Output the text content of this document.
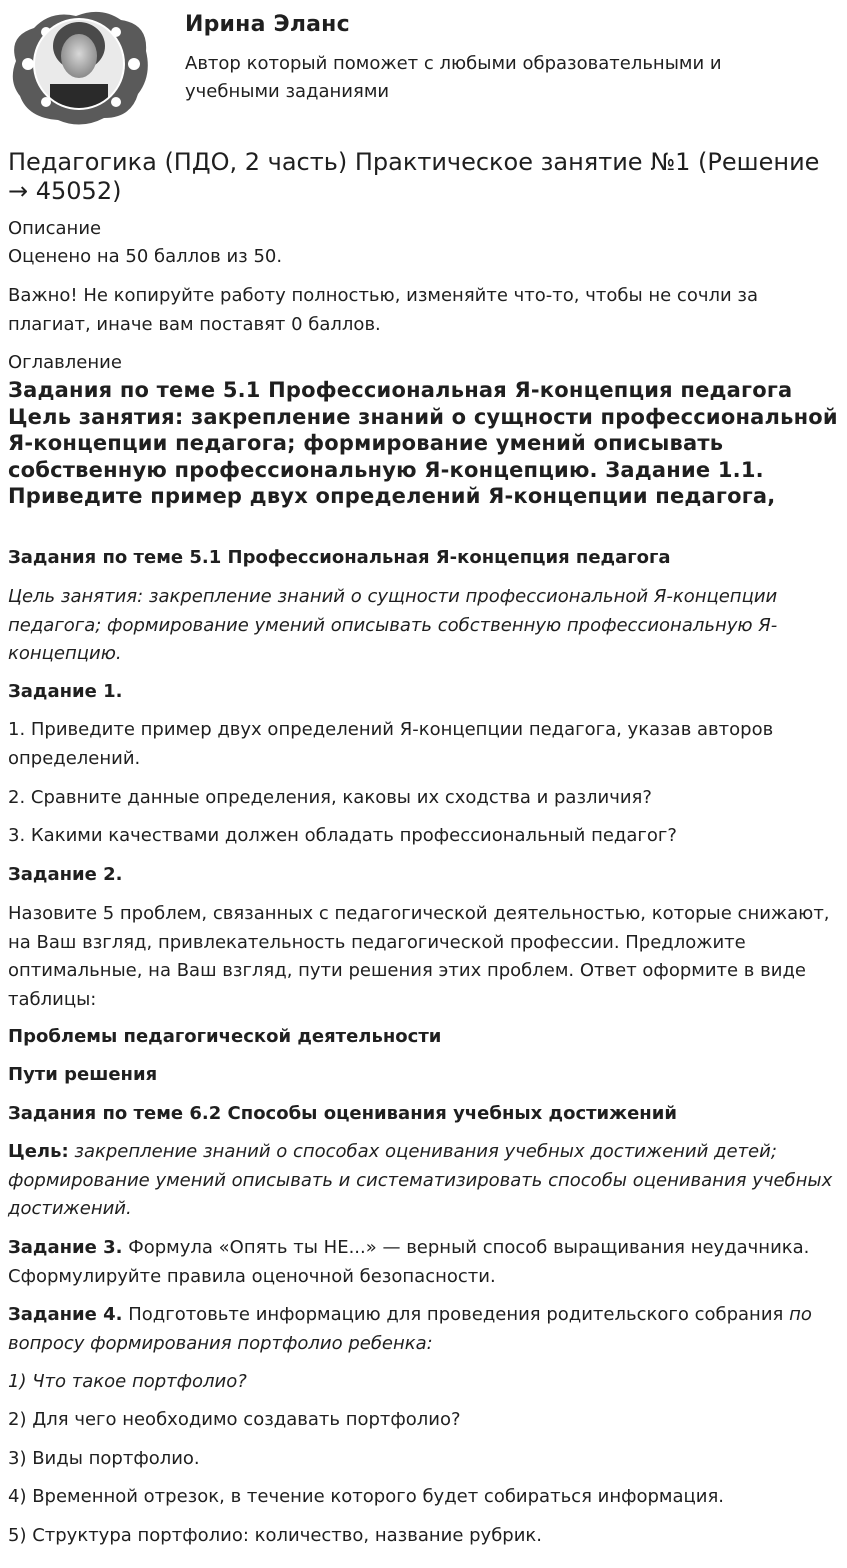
Ирина Эланс
Автор который поможет с любыми образовательными и учебными заданиями
Педагогика (ПДО, 2 часть) Практическое занятие №1 (Решение → 45052)
Описание

Оценено на 50 баллов из 50.

Важно! Не копируйте работу полностью, изменяйте что-то, чтобы не сочли за плагиат, иначе вам поставят 0 баллов.

Оглавление
Задания по теме 5.1 Профессиональная Я-концепция педагога Цель занятия: закрепление знаний о сущности профессиональной Я-концепции педагога; формирование умений описывать собственную профессиональную Я-концепцию. Задание 1.1. Приведите пример двух определений Я-концепции педагога,

Задания по теме 5.1 Профессиональная Я-концепция педагога

Цель занятия: закрепление знаний о сущности профессиональной Я-концепции педагога; формирование умений описывать собственную профессиональную Я-концепцию.

Задание 1.

1. Приведите пример двух определений Я-концепции педагога, указав авторов определений.

2. Сравните данные определения, каковы их сходства и различия?

3. Какими качествами должен обладать профессиональный педагог?

Задание 2.

Назовите 5 проблем, связанных с педагогической деятельностью, которые снижают, на Ваш взгляд, привлекательность педагогической профессии. Предложите оптимальные, на Ваш взгляд, пути решения этих проблем. Ответ оформите в виде таблицы:

Проблемы педагогической деятельности

Пути решения

Задания по теме 6.2 Способы оценивания учебных достижений

Цель: закрепление знаний о способах оценивания учебных достижений детей; формирование умений описывать и систематизировать способы оценивания учебных достижений.

Задание 3. Формула «Опять ты НЕ...» — верный способ выращивания неудачника. Сформулируйте правила оценочной безопасности.

Задание 4. Подготовьте информацию для проведения родительского собрания по вопросу формирования портфолио ребенка:

1) Что такое портфолио?

2) Для чего необходимо создавать портфолио?

3) Виды портфолио.

4) Временной отрезок, в течение которого будет собираться информация.

5) Структура портфолио: количество, название рубрик.
